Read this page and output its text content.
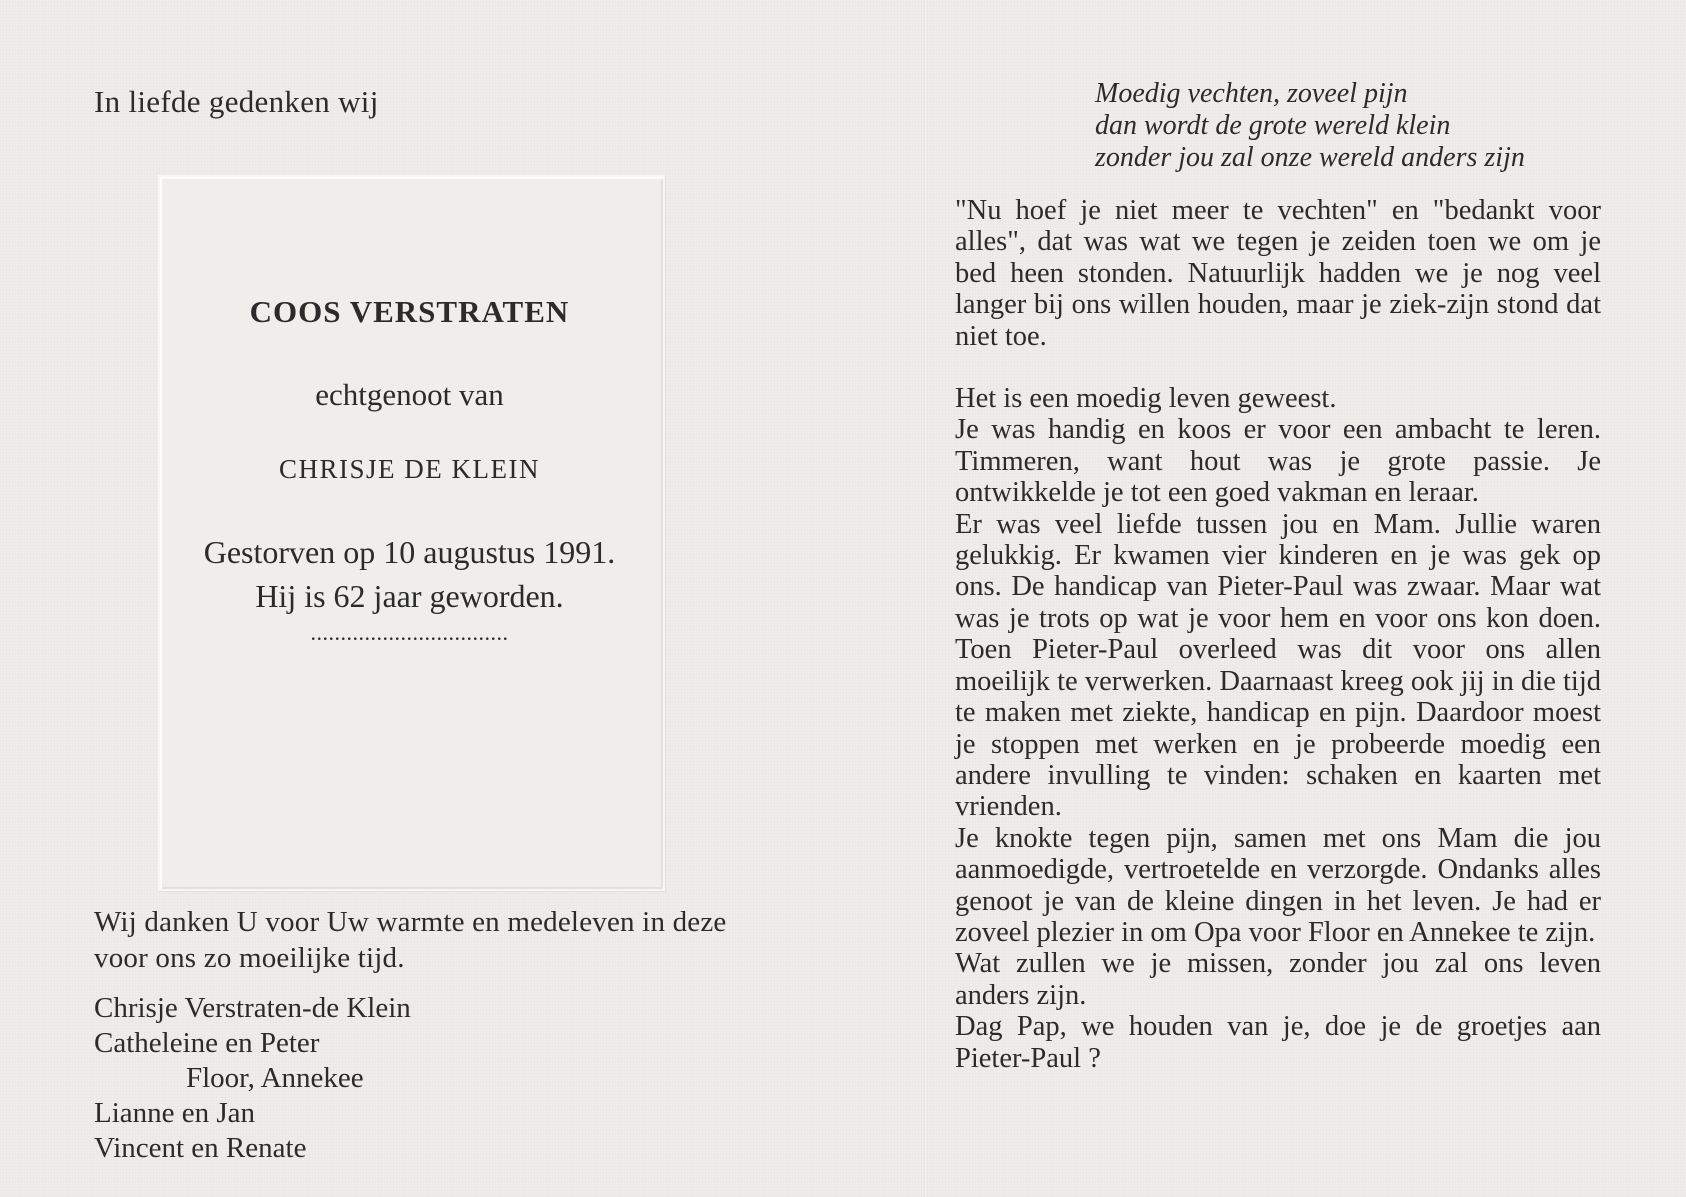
In liefde gedenken wij
COOS VERSTRATEN
echtgenoot van
CHRISJE DE KLEIN
Gestorven op 10 augustus 1991.
Hij is 62 jaar geworden.
.................................
Wij danken U voor Uw warmte en medeleven in deze voor ons zo moeilijke tijd.
Chrisje Verstraten-de Klein
Catheleine en Peter
Floor, Annekee
Lianne en Jan
Vincent en Renate
Moedig vechten, zoveel pijn
dan wordt de grote wereld klein
zonder jou zal onze wereld anders zijn

"Nu hoef je niet meer te vechten" en "bedankt voor alles", dat was wat we tegen je zeiden toen we om je bed heen stonden. Natuurlijk hadden we je nog veel langer bij ons willen houden, maar je ziek-zijn stond dat niet toe.

Het is een moedig leven geweest.

Je was handig en koos er voor een ambacht te leren. Timmeren, want hout was je grote passie. Je ontwikkelde je tot een goed vakman en leraar.

Er was veel liefde tussen jou en Mam. Jullie waren gelukkig. Er kwamen vier kinderen en je was gek op ons. De handicap van Pieter-Paul was zwaar. Maar wat was je trots op wat je voor hem en voor ons kon doen. Toen Pieter-Paul overleed was dit voor ons allen moeilijk te verwerken. Daarnaast kreeg ook jij in die tijd te maken met ziekte, handicap en pijn. Daardoor moest je stoppen met werken en je probeerde moedig een andere invulling te vinden: schaken en kaarten met vrienden.

Je knokte tegen pijn, samen met ons Mam die jou aanmoedigde, vertroetelde en verzorgde. Ondanks alles genoot je van de kleine dingen in het leven. Je had er zoveel plezier in om Opa voor Floor en Annekee te zijn.

Wat zullen we je missen, zonder jou zal ons leven anders zijn.

Dag Pap, we houden van je, doe je de groetjes aan Pieter-Paul ?
